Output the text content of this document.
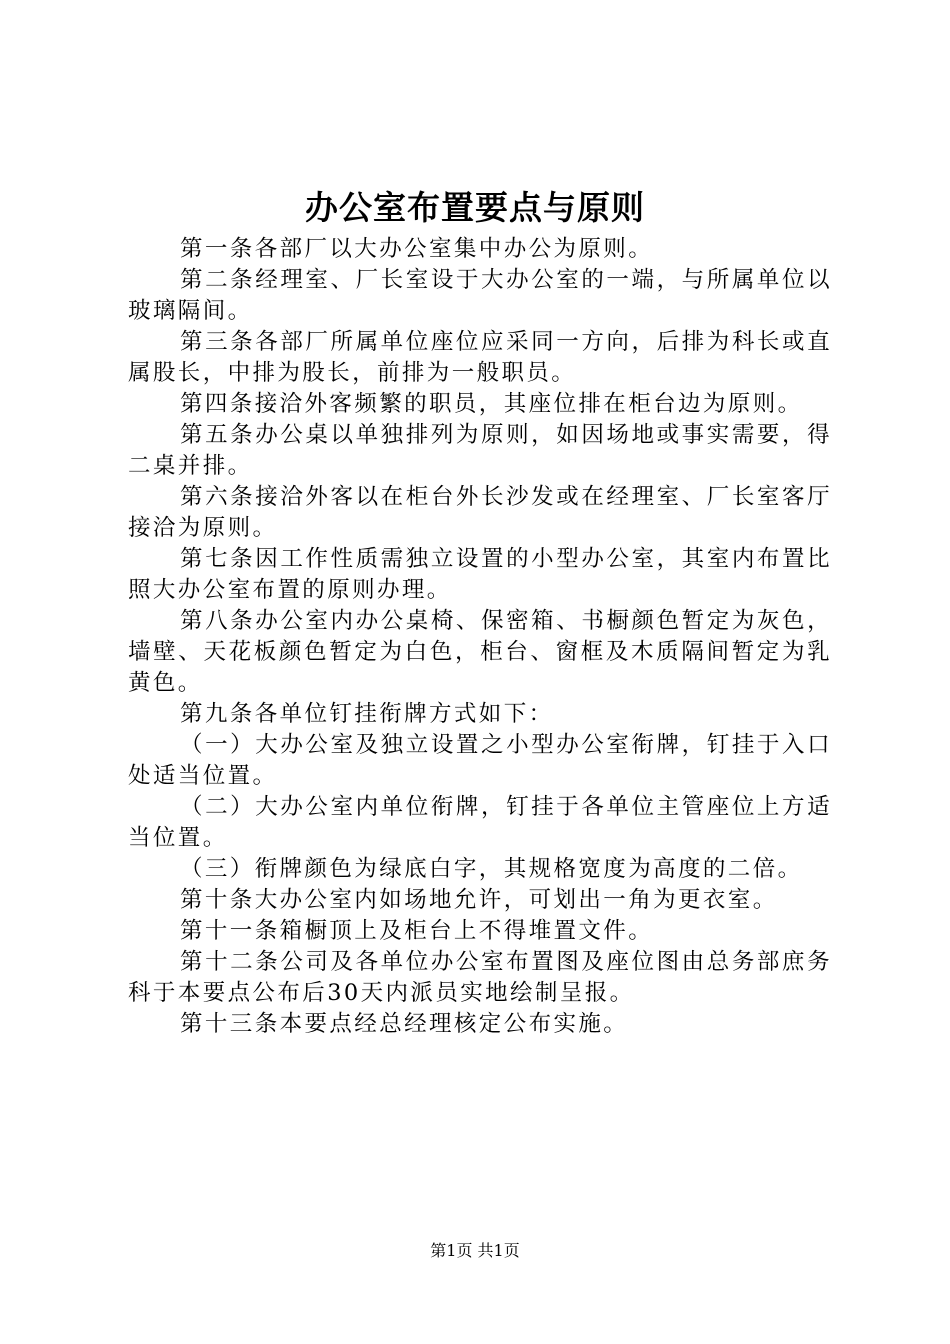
办公室布置要点与原则

第一条各部厂以大办公室集中办公为原则。

第二条经理室、厂长室设于大办公室的一端，与所属单位以玻璃隔间。

第三条各部厂所属单位座位应采同一方向，后排为科长或直属股长，中排为股长，前排为一般职员。

第四条接洽外客频繁的职员，其座位排在柜台边为原则。

第五条办公桌以单独排列为原则，如因场地或事实需要，得二桌并排。

第六条接洽外客以在柜台外长沙发或在经理室、厂长室客厅接洽为原则。

第七条因工作性质需独立设置的小型办公室，其室内布置比照大办公室布置的原则办理。

第八条办公室内办公桌椅、保密箱、书橱颜色暂定为灰色，墙壁、天花板颜色暂定为白色，柜台、窗框及木质隔间暂定为乳黄色。

第九条各单位钉挂衔牌方式如下：

（一）大办公室及独立设置之小型办公室衔牌，钉挂于入口处适当位置。

（二）大办公室内单位衔牌，钉挂于各单位主管座位上方适当位置。

（三）衔牌颜色为绿底白字，其规格宽度为高度的二倍。

第十条大办公室内如场地允许，可划出一角为更衣室。

第十一条箱橱顶上及柜台上不得堆置文件。

第十二条公司及各单位办公室布置图及座位图由总务部庶务科于本要点公布后30天内派员实地绘制呈报。

第十三条本要点经总经理核定公布实施。

第1页 共1页
